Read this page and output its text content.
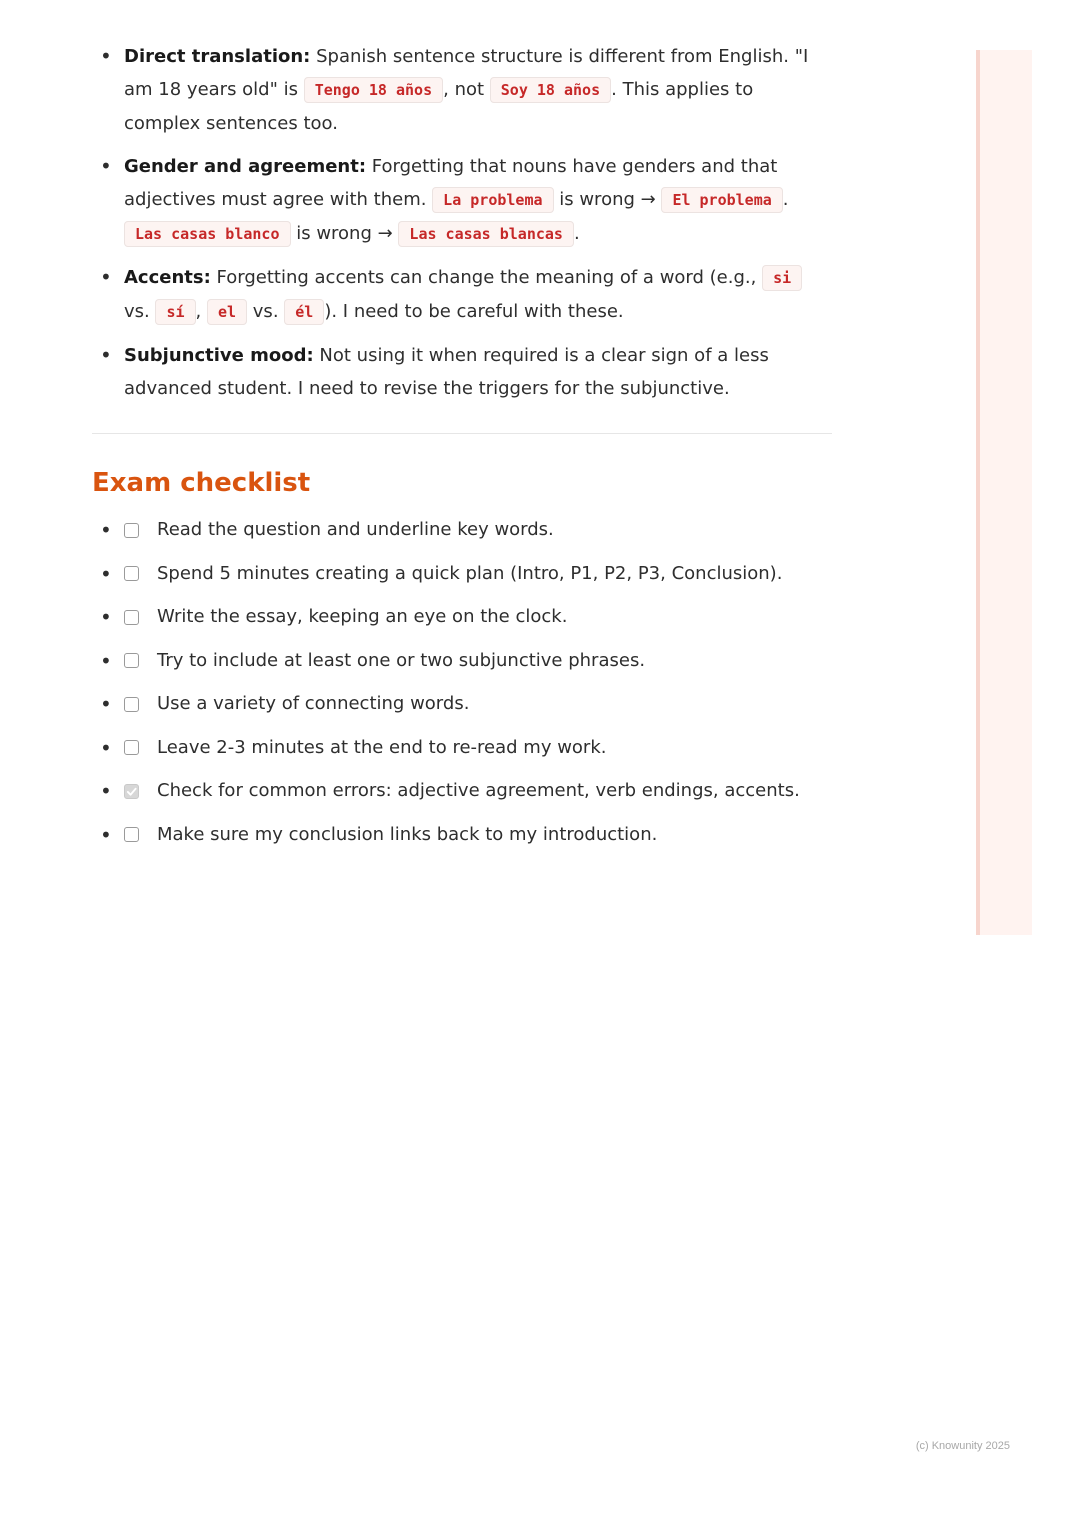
• Direct translation: Spanish sentence structure is different from English. "I am 18 years old" is Tengo 18 años , not Soy 18 años . This applies to complex sentences too.
• Gender and agreement: Forgetting that nouns have genders and that adjectives must agree with them. La problema is wrong → El problema . Las casas blanco is wrong → Las casas blancas .
• Accents: Forgetting accents can change the meaning of a word (e.g., si vs. sí , el vs. él ). I need to be careful with these.
• Subjunctive mood: Not using it when required is a clear sign of a less advanced student. I need to revise the triggers for the subjunctive.
Exam checklist
• Read the question and underline key words.
• Spend 5 minutes creating a quick plan (Intro, P1, P2, P3, Conclusion).
• Write the essay, keeping an eye on the clock.
• Try to include at least one or two subjunctive phrases.
• Use a variety of connecting words.
• Leave 2-3 minutes at the end to re-read my work.
• Check for common errors: adjective agreement, verb endings, accents.
• Make sure my conclusion links back to my introduction.
(c) Knowunity 2025
